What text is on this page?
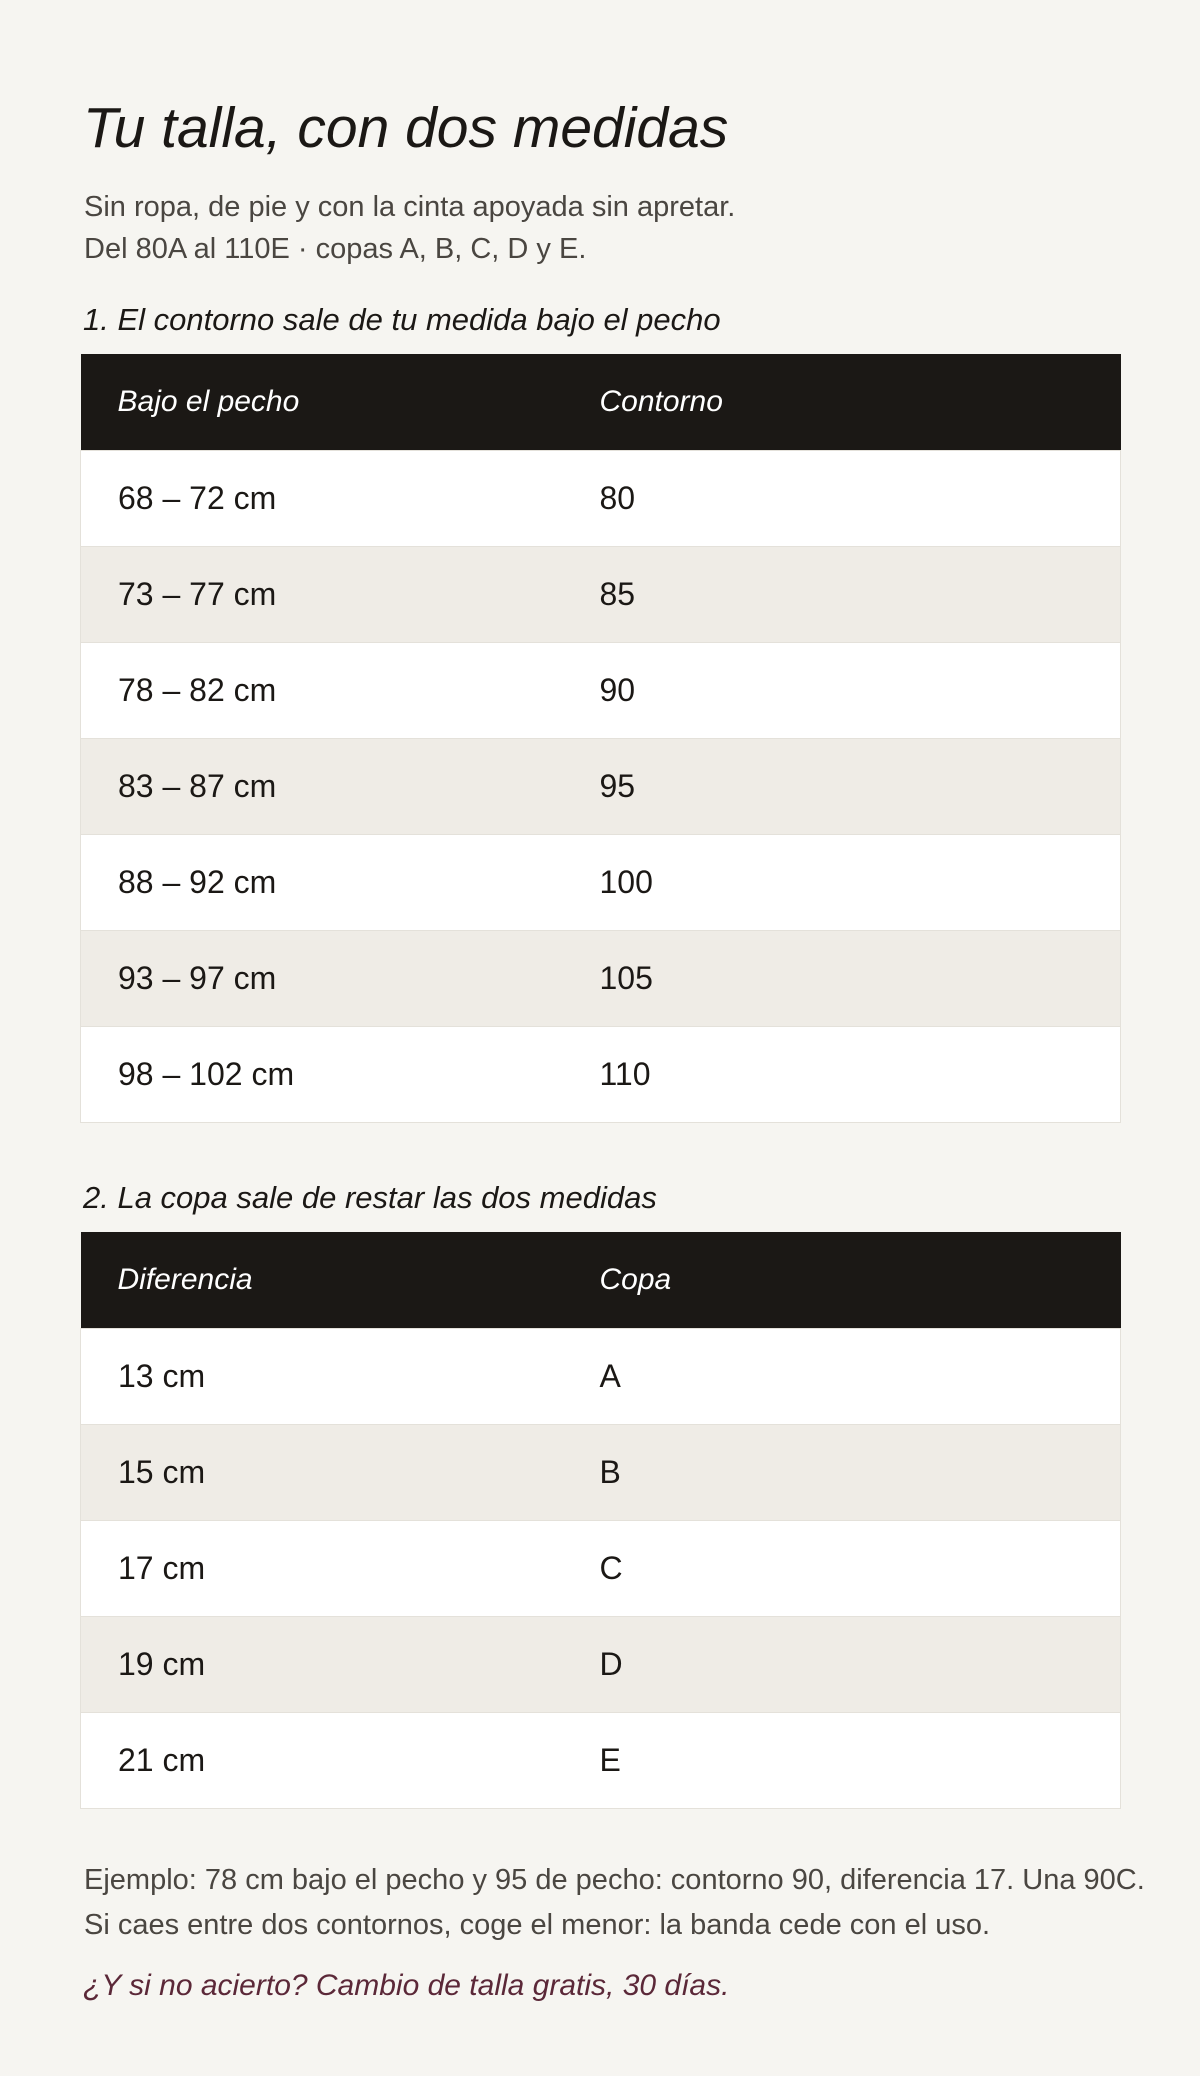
Tu talla, con dos medidas
Sin ropa, de pie y con la cinta apoyada sin apretar.
Del 80A al 110E · copas A, B, C, D y E.
1. El contorno sale de tu medida bajo el pecho
Bajo el pecho	Contorno
68 – 72 cm	80
73 – 77 cm	85
78 – 82 cm	90
83 – 87 cm	95
88 – 92 cm	100
93 – 97 cm	105
98 – 102 cm	110
2. La copa sale de restar las dos medidas
Diferencia	Copa
13 cm	A
15 cm	B
17 cm	C
19 cm	D
21 cm	E
Ejemplo: 78 cm bajo el pecho y 95 de pecho: contorno 90, diferencia 17. Una 90C.
Si caes entre dos contornos, coge el menor: la banda cede con el uso.
¿Y si no acierto? Cambio de talla gratis, 30 días.
